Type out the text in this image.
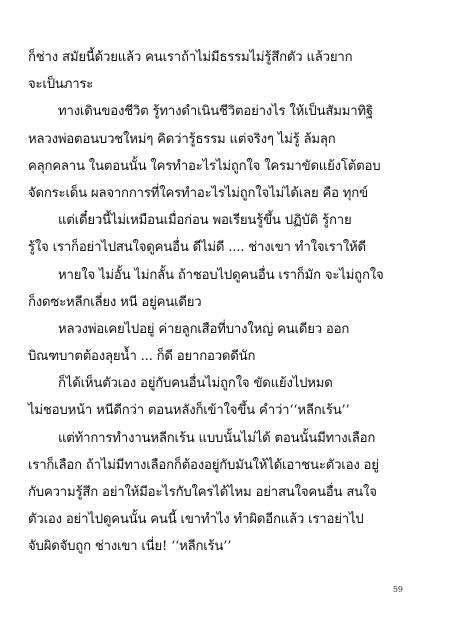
ก็ช่าง สมัยนี้ด้วยแล้ว คนเราถ้าไม่มีธรรมไม่รู้สึกตัว แล้วยาก
จะเป็นภาระ
ทางเดินของชีวิต รู้ทางดำเนินชีวิตอย่างไร ให้เป็นสัมมาทิฐิ
หลวงพ่อตอนบวชใหม่ๆ คิดว่ารู้ธรรม แต่จริงๆ ไม่รู้ ล้มลุก
คลุกคลาน ในตอนนั้น ใครทำอะไรไม่ถูกใจ ใครมาขัดแย้งโต้ตอบ
จัดกระเด็น ผลจากการที่ใครทำอะไรไม่ถูกใจไม่ได้เลย คือ ทุกข์
แต่เดี๋ยวนี้ไม่เหมือนเมื่อก่อน พอเรียนรู้ขึ้น ปฏิบัติ รู้กาย
รู้ใจ เราก็อย่าไปสนใจดูคนอื่น ดีไม่ดี .... ช่างเขา ทำใจเราให้ดี
หายใจ ไม่อั้น ไม่กลั้น ถ้าชอบไปดูคนอื่น เราก็มัก จะไม่ถูกใจ
ก็งดซะหลีกเลี่ยง หนี อยู่คนเดียว
หลวงพ่อเคยไปอยู่ ค่ายลูกเสือที่บางใหญ่ คนเดียว ออก
บิณฑบาตต้องลุยน้ำ ... ก็ดี อยากอวดดีนัก
ก็ได้เห็นตัวเอง อยู่กับคนอื่นไม่ถูกใจ ขัดแย้งไปหมด
ไม่ชอบหน้า หนีดีกว่า ตอนหลังก็เข้าใจขึ้น คำว่า‘‘หลีกเร้น’’
แต่ท้าการทำงานหลีกเร้น แบบนั้นไม่ได้ ตอนนั้นมีทางเลือก
เราก็เลือก ถ้าไม่มีทางเลือกก็ต้องอยู่กับมันให้ได้เอาชนะตัวเอง อยู่
กับความรู้สึก อย่าให้มีอะไรกับใครได้ไหม อย่าสนใจคนอื่น สนใจ
ตัวเอง อย่าไปดูคนนั้น คนนี้ เขาทำไง ทำผิดอีกแล้ว เราอย่าไป
จับผิดจับถูก ช่างเขา เนี่ย! ‘‘หลีกเร้น’’
59
